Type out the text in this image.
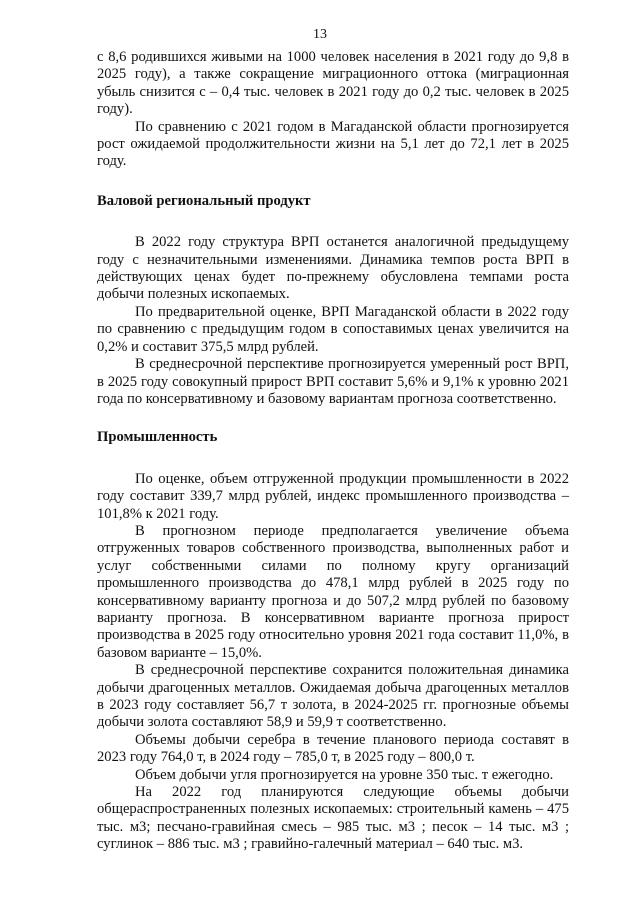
13

с 8,6 родившихся живыми на 1000 человек населения в 2021 году до 9,8 в 2025 году), а также сокращение миграционного оттока (миграционная убыль снизится с – 0,4 тыс. человек в 2021 году до 0,2 тыс. человек в 2025 году).

По сравнению с 2021 годом в Магаданской области прогнозируется рост ожидаемой продолжительности жизни на 5,1 лет до 72,1 лет в 2025 году.

Валовой региональный продукт

В 2022 году структура ВРП останется аналогичной предыдущему году с незначительными изменениями. Динамика темпов роста ВРП в действующих ценах будет по-прежнему обусловлена темпами роста добычи полезных ископаемых.

По предварительной оценке, ВРП Магаданской области в 2022 году по сравнению с предыдущим годом в сопоставимых ценах увеличится на 0,2% и составит 375,5 млрд рублей.

В среднесрочной перспективе прогнозируется умеренный рост ВРП, в 2025 году совокупный прирост ВРП составит 5,6% и 9,1% к уровню 2021 года по консервативному и базовому вариантам прогноза соответственно.

Промышленность

По оценке, объем отгруженной продукции промышленности в 2022 году составит 339,7 млрд рублей, индекс промышленного производства – 101,8% к 2021 году.

В прогнозном периоде предполагается увеличение объема отгруженных товаров собственного производства, выполненных работ и услуг собственными силами по полному кругу организаций промышленного производства до 478,1 млрд рублей в 2025 году по консервативному варианту прогноза и до 507,2 млрд рублей по базовому варианту прогноза. В консервативном варианте прогноза прирост производства в 2025 году относительно уровня 2021 года составит 11,0%, в базовом варианте – 15,0%.

В среднесрочной перспективе сохранится положительная динамика добычи драгоценных металлов. Ожидаемая добыча драгоценных металлов в 2023 году составляет 56,7 т золота, в 2024-2025 гг. прогнозные объемы добычи золота составляют 58,9 и 59,9 т соответственно.

Объемы добычи серебра в течение планового периода составят в 2023 году 764,0 т, в 2024 году – 785,0 т, в 2025 году – 800,0 т.

Объем добычи угля прогнозируется на уровне 350 тыс. т ежегодно.

На 2022 год планируются следующие объемы добычи общераспространенных полезных ископаемых: строительный камень – 475 тыс. м3; песчано-гравийная смесь – 985 тыс. м3 ; песок – 14 тыс. м3 ; суглинок – 886 тыс. м3 ; гравийно-галечный материал – 640 тыс. м3.
